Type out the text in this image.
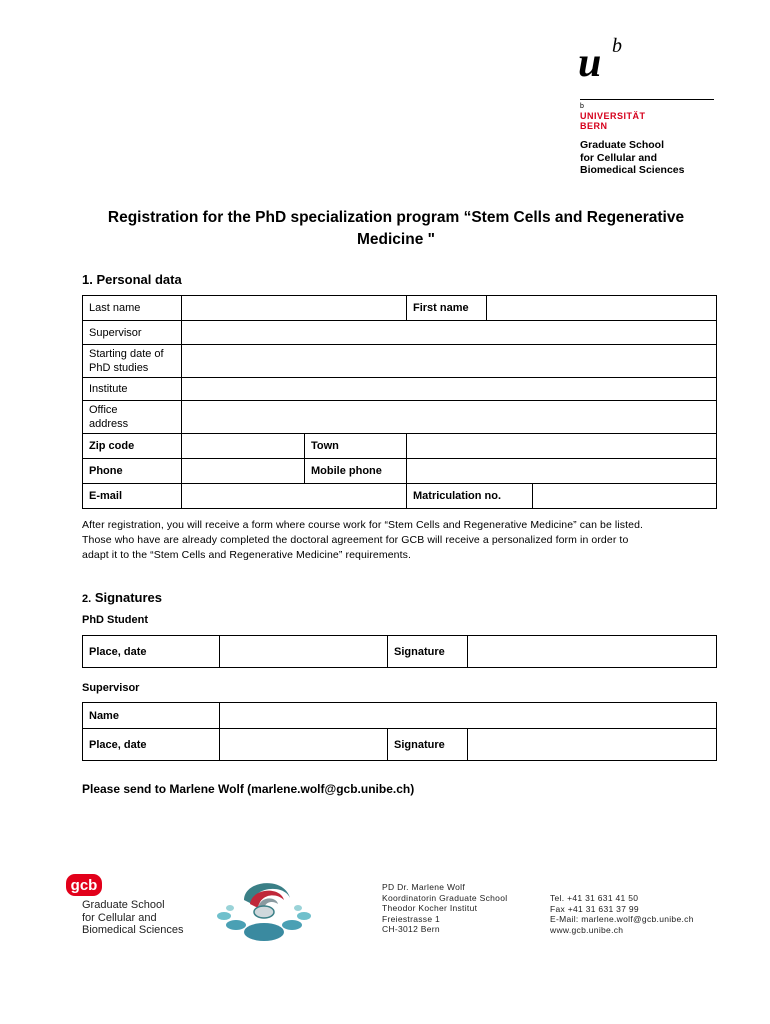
u b
b
UNIVERSITÄT
BERN
Graduate School
for Cellular and
Biomedical Sciences
Registration for the PhD specialization program “Stem Cells and Regenerative
Medicine "
1. Personal data
Last name			First name		
Supervisor					

Starting date of
PhD studies					

Institute					

Office
address					

Zip code		Town			
Phone		Mobile phone			
E-mail			Matriculation no.		
After registration, you will receive a form where course work for “Stem Cells and Regenerative Medicine” can be listed.
Those who have are already completed the doctoral agreement for GCB will receive a personalized form in order to
adapt it to the “Stem Cells and Regenerative Medicine” requirements.
2. Signatures
PhD Student
Place, date		Signature	
Supervisor
Name			
Place, date		Signature	
Please send to Marlene Wolf (marlene.wolf@gcb.unibe.ch)
gcb
Graduate School
for Cellular and
Biomedical Sciences
PD Dr. Marlene Wolf
Koordinatorin Graduate School
Theodor Kocher Institut
Freiestrasse 1
CH-3012 Bern
Tel. +41 31 631 41 50
Fax +41 31 631 37 99
E-Mail: marlene.wolf@gcb.unibe.ch
www.gcb.unibe.ch
